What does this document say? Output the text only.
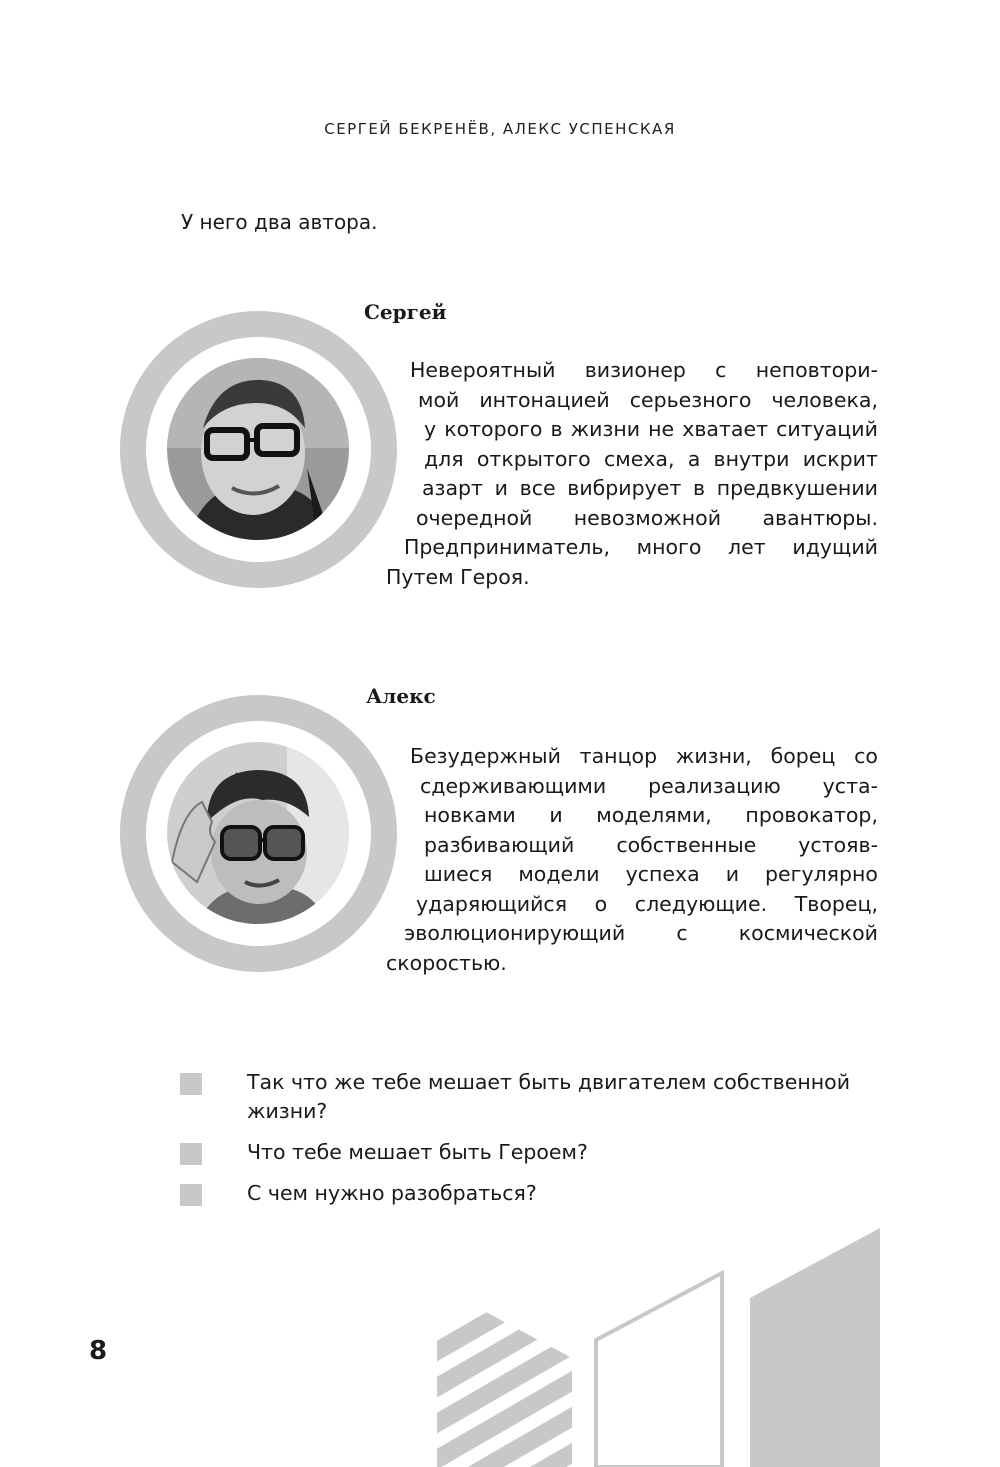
СЕРГЕЙ БЕКРЕНЁВ, АЛЕКС УСПЕНСКАЯ
У него два автора.
Сергей
Невероятный визионер с неповтори-
мой интонацией серьезного человека,
у которого в жизни не хватает ситуаций
для открытого смеха, а внутри искрит
азарт и все вибрирует в предвкушении
очередной невозможной авантюры.
Предприниматель, много лет идущий
Путем Героя.
Алекс
Безудержный танцор жизни, борец со
сдерживающими реализацию уста-
новками и моделями, провокатор,
разбивающий собственные устояв-
шиеся модели успеха и регулярно
ударяющийся о следующие. Творец,
эволюционирующий с космической
скоростью.
Так что же тебе мешает быть двигателем собственной жизни?
Что тебе мешает быть Героем?
С чем нужно разобраться?
8
